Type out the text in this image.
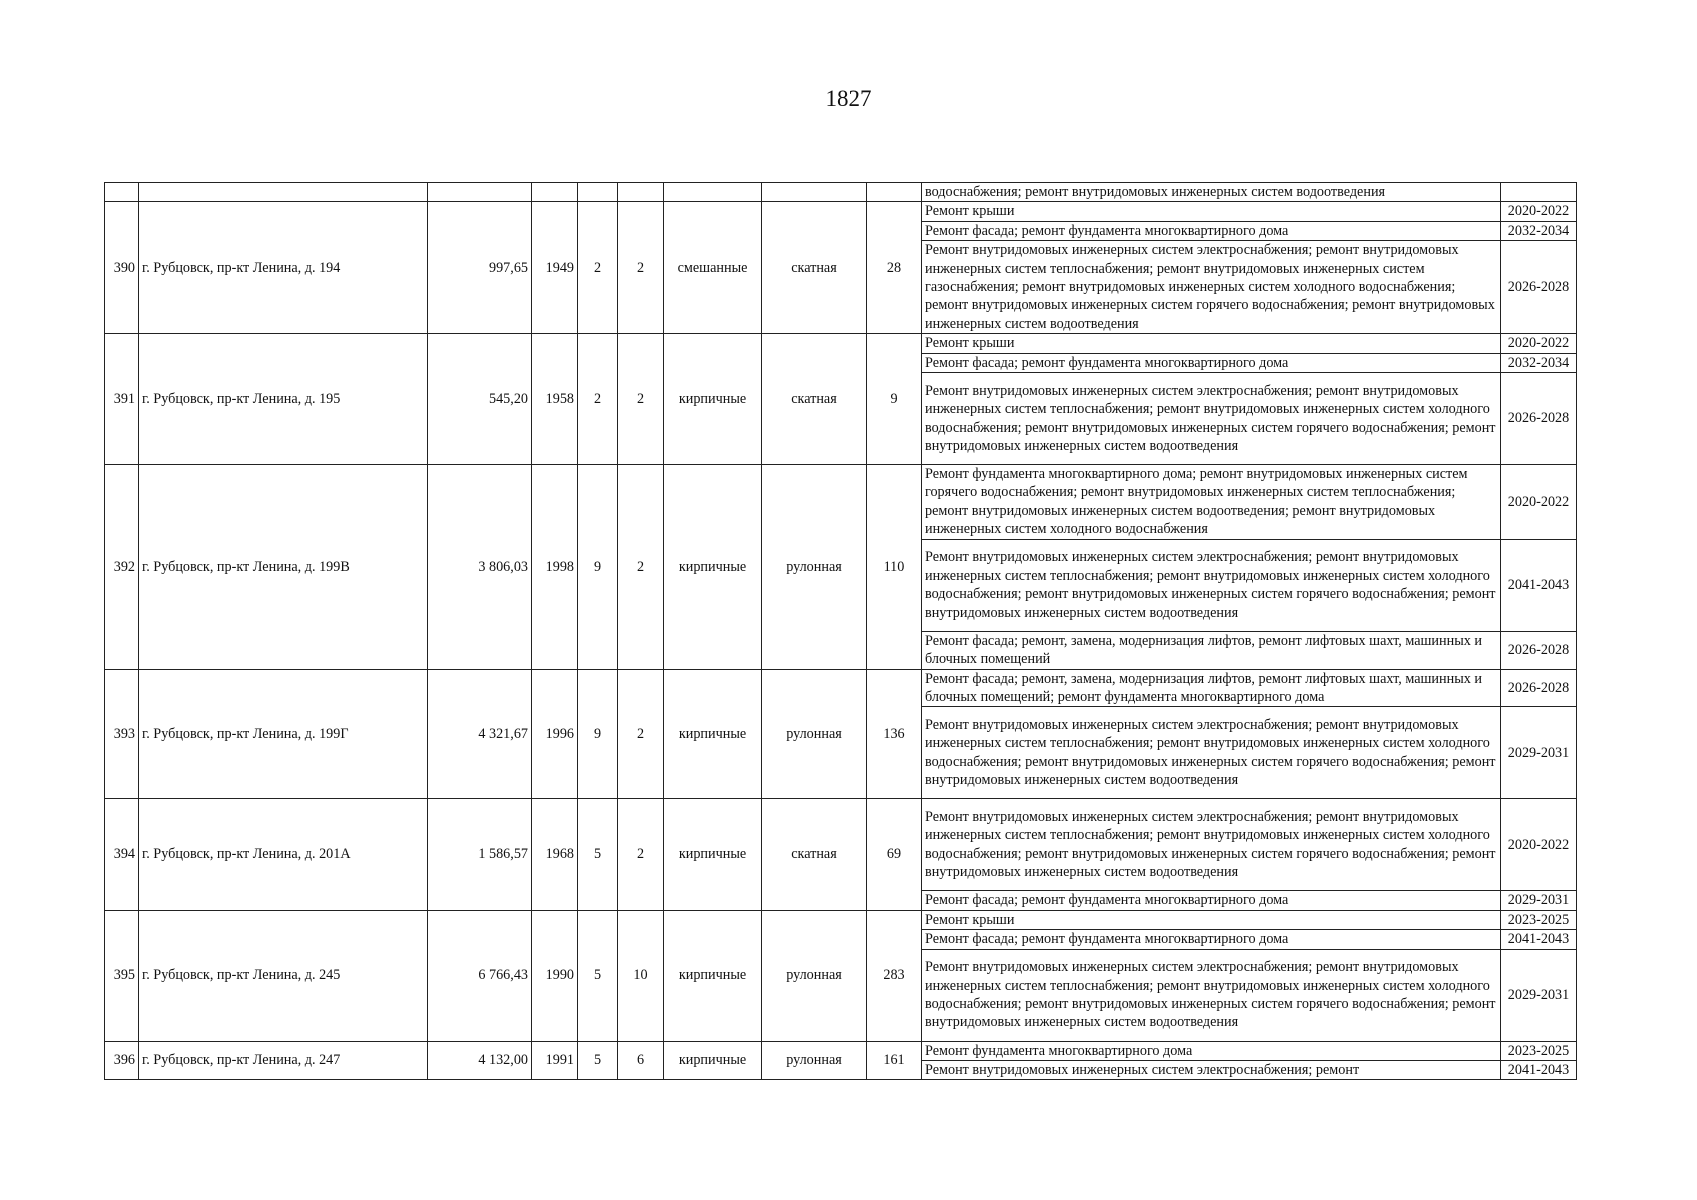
1827
									водоснабжения; ремонт внутридомовых инженерных систем водоотведения	
390	г. Рубцовск, пр-кт Ленина, д. 194	997,65	1949	2	2	смешанные	скатная	28	Ремонт крыши	2020-2022
									Ремонт фасада; ремонт фундамента многоквартирного дома	2032-2034
									Ремонт внутридомовых инженерных систем электроснабжения; ремонт внутридомовых инженерных систем теплоснабжения; ремонт внутридомовых инженерных систем газоснабжения; ремонт внутридомовых инженерных систем холодного водоснабжения; ремонт внутридомовых инженерных систем горячего водоснабжения; ремонт внутридомовых инженерных систем водоотведения	2026-2028
391	г. Рубцовск, пр-кт Ленина, д. 195	545,20	1958	2	2	кирпичные	скатная	9	Ремонт крыши	2020-2022
									Ремонт фасада; ремонт фундамента многоквартирного дома	2032-2034
									Ремонт внутридомовых инженерных систем электроснабжения; ремонт внутридомовых инженерных систем теплоснабжения; ремонт внутридомовых инженерных систем холодного водоснабжения; ремонт внутридомовых инженерных систем горячего водоснабжения; ремонт внутридомовых инженерных систем водоотведения	2026-2028
392	г. Рубцовск, пр-кт Ленина, д. 199В	3 806,03	1998	9	2	кирпичные	рулонная	110	Ремонт фундамента многоквартирного дома; ремонт внутридомовых инженерных систем горячего водоснабжения; ремонт внутридомовых инженерных систем теплоснабжения; ремонт внутридомовых инженерных систем водоотведения; ремонт внутридомовых инженерных систем холодного водоснабжения	2020-2022
									Ремонт внутридомовых инженерных систем электроснабжения; ремонт внутридомовых инженерных систем теплоснабжения; ремонт внутридомовых инженерных систем холодного водоснабжения; ремонт внутридомовых инженерных систем горячего водоснабжения; ремонт внутридомовых инженерных систем водоотведения	2041-2043
									Ремонт фасада; ремонт, замена, модернизация лифтов, ремонт лифтовых шахт, машинных и блочных помещений	2026-2028
393	г. Рубцовск, пр-кт Ленина, д. 199Г	4 321,67	1996	9	2	кирпичные	рулонная	136	Ремонт фасада; ремонт, замена, модернизация лифтов, ремонт лифтовых шахт, машинных и блочных помещений; ремонт фундамента многоквартирного дома	2026-2028
									Ремонт внутридомовых инженерных систем электроснабжения; ремонт внутридомовых инженерных систем теплоснабжения; ремонт внутридомовых инженерных систем холодного водоснабжения; ремонт внутридомовых инженерных систем горячего водоснабжения; ремонт внутридомовых инженерных систем водоотведения	2029-2031
394	г. Рубцовск, пр-кт Ленина, д. 201А	1 586,57	1968	5	2	кирпичные	скатная	69	Ремонт внутридомовых инженерных систем электроснабжения; ремонт внутридомовых инженерных систем теплоснабжения; ремонт внутридомовых инженерных систем холодного водоснабжения; ремонт внутридомовых инженерных систем горячего водоснабжения; ремонт внутридомовых инженерных систем водоотведения	2020-2022
									Ремонт фасада; ремонт фундамента многоквартирного дома	2029-2031
395	г. Рубцовск, пр-кт Ленина, д. 245	6 766,43	1990	5	10	кирпичные	рулонная	283	Ремонт крыши	2023-2025
									Ремонт фасада; ремонт фундамента многоквартирного дома	2041-2043
									Ремонт внутридомовых инженерных систем электроснабжения; ремонт внутридомовых инженерных систем теплоснабжения; ремонт внутридомовых инженерных систем холодного водоснабжения; ремонт внутридомовых инженерных систем горячего водоснабжения; ремонт внутридомовых инженерных систем водоотведения	2029-2031
396	г. Рубцовск, пр-кт Ленина, д. 247	4 132,00	1991	5	6	кирпичные	рулонная	161	Ремонт фундамента многоквартирного дома	2023-2025
									Ремонт внутридомовых инженерных систем электроснабжения; ремонт	2041-2043
